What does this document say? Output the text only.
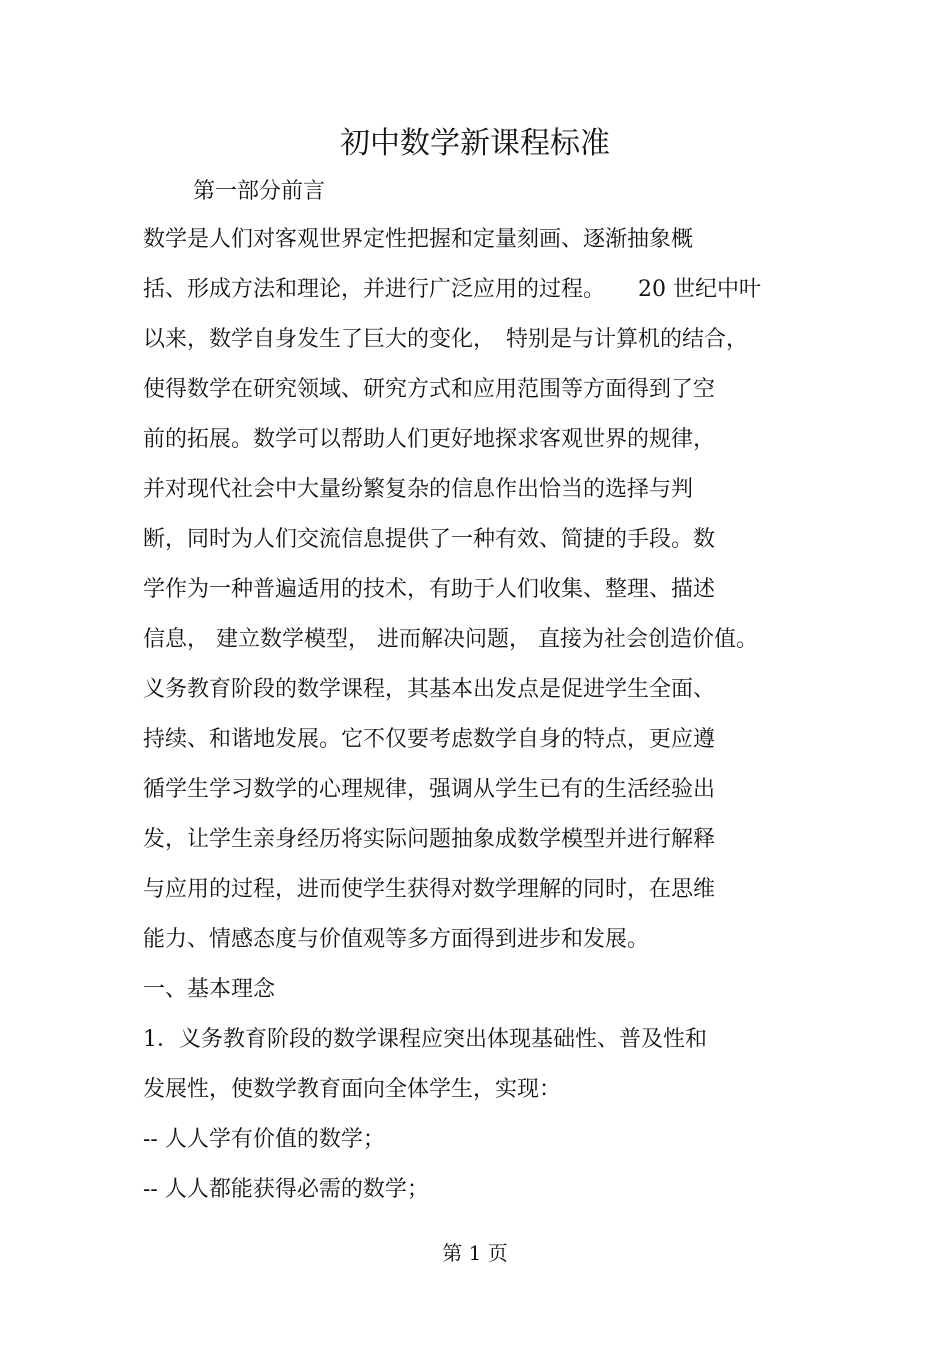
初中数学新课程标准
第一部分前言
数学是人们对客观世界定性把握和定量刻画、逐渐抽象概
括、形成方法和理论，并进行广泛应用的过程。　　20 世纪中叶
以来，数学自身发生了巨大的变化，　特别是与计算机的结合，
使得数学在研究领域、研究方式和应用范围等方面得到了空
前的拓展。数学可以帮助人们更好地探求客观世界的规律，
并对现代社会中大量纷繁复杂的信息作出恰当的选择与判
断，同时为人们交流信息提供了一种有效、简捷的手段。数
学作为一种普遍适用的技术，有助于人们收集、整理、描述
信息， 建立数学模型， 进而解决问题， 直接为社会创造价值。
义务教育阶段的数学课程，其基本出发点是促进学生全面、
持续、和谐地发展。它不仅要考虑数学自身的特点，更应遵
循学生学习数学的心理规律，强调从学生已有的生活经验出
发，让学生亲身经历将实际问题抽象成数学模型并进行解释
与应用的过程，进而使学生获得对数学理解的同时，在思维
能力、情感态度与价值观等多方面得到进步和发展。
一、基本理念
1．义务教育阶段的数学课程应突出体现基础性、普及性和
发展性，使数学教育面向全体学生，实现：
-- 人人学有价值的数学；
-- 人人都能获得必需的数学；
第 1 页
